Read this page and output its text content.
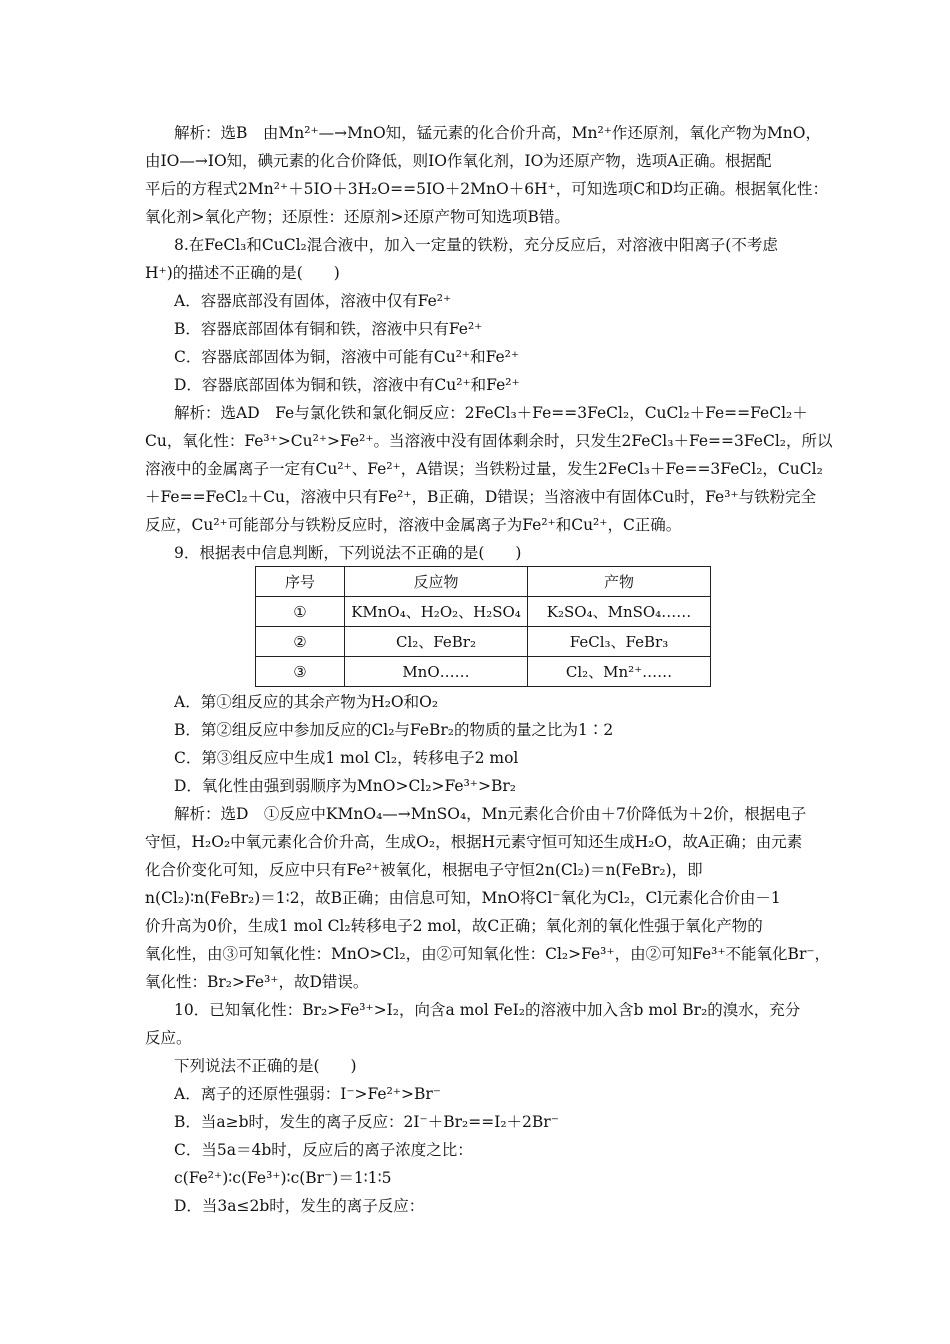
解析：选B　由Mn²⁺—→MnO知，锰元素的化合价升高，Mn²⁺作还原剂，氧化产物为MnO，
由IO—→IO知，碘元素的化合价降低，则IO作氧化剂，IO为还原产物，选项A正确。根据配
平后的方程式2Mn²⁺＋5IO＋3H₂O==5IO＋2MnO＋6H⁺，可知选项C和D均正确。根据氧化性：
氧化剂>氧化产物；还原性：还原剂>还原产物可知选项B错。
8.在FeCl₃和CuCl₂混合液中，加入一定量的铁粉，充分反应后，对溶液中阳离子(不考虑
H⁺)的描述不正确的是(　　)
A．容器底部没有固体，溶液中仅有Fe²⁺
B．容器底部固体有铜和铁，溶液中只有Fe²⁺
C．容器底部固体为铜，溶液中可能有Cu²⁺和Fe²⁺
D．容器底部固体为铜和铁，溶液中有Cu²⁺和Fe²⁺
解析：选AD　Fe与氯化铁和氯化铜反应：2FeCl₃＋Fe==3FeCl₂，CuCl₂＋Fe==FeCl₂＋
Cu，氧化性：Fe³⁺>Cu²⁺>Fe²⁺。当溶液中没有固体剩余时，只发生2FeCl₃＋Fe==3FeCl₂，所以
溶液中的金属离子一定有Cu²⁺、Fe²⁺，A错误；当铁粉过量，发生2FeCl₃＋Fe==3FeCl₂，CuCl₂
＋Fe==FeCl₂＋Cu，溶液中只有Fe²⁺，B正确，D错误；当溶液中有固体Cu时，Fe³⁺与铁粉完全
反应，Cu²⁺可能部分与铁粉反应时，溶液中金属离子为Fe²⁺和Cu²⁺，C正确。
9．根据表中信息判断，下列说法不正确的是(　　)
序号	反应物	产物
①	KMnO₄、H₂O₂、H₂SO₄	K₂SO₄、MnSO₄……
②	Cl₂、FeBr₂	FeCl₃、FeBr₃
③	MnO……	Cl₂、Mn²⁺……
A．第①组反应的其余产物为H₂O和O₂
B．第②组反应中参加反应的Cl₂与FeBr₂的物质的量之比为1∶2
C．第③组反应中生成1 mol Cl₂，转移电子2 mol
D．氧化性由强到弱顺序为MnO>Cl₂>Fe³⁺>Br₂
解析：选D　①反应中KMnO₄—→MnSO₄，Mn元素化合价由＋7价降低为＋2价，根据电子
守恒，H₂O₂中氧元素化合价升高，生成O₂，根据H元素守恒可知还生成H₂O，故A正确；由元素
化合价变化可知，反应中只有Fe²⁺被氧化，根据电子守恒2n(Cl₂)＝n(FeBr₂)，即
n(Cl₂)∶n(FeBr₂)＝1∶2，故B正确；由信息可知，MnO将Cl⁻氧化为Cl₂，Cl元素化合价由－1
价升高为0价，生成1 mol Cl₂转移电子2 mol，故C正确；氧化剂的氧化性强于氧化产物的
氧化性，由③可知氧化性：MnO>Cl₂，由②可知氧化性：Cl₂>Fe³⁺，由②可知Fe³⁺不能氧化Br⁻，
氧化性：Br₂>Fe³⁺，故D错误。
10．已知氧化性：Br₂>Fe³⁺>I₂，向含a mol FeI₂的溶液中加入含b mol Br₂的溴水，充分
反应。
下列说法不正确的是(　　)
A．离子的还原性强弱：I⁻>Fe²⁺>Br⁻
B．当a≥b时，发生的离子反应：2I⁻＋Br₂==I₂＋2Br⁻
C．当5a＝4b时，反应后的离子浓度之比：
c(Fe²⁺)∶c(Fe³⁺)∶c(Br⁻)＝1∶1∶5
D．当3a≤2b时，发生的离子反应：
